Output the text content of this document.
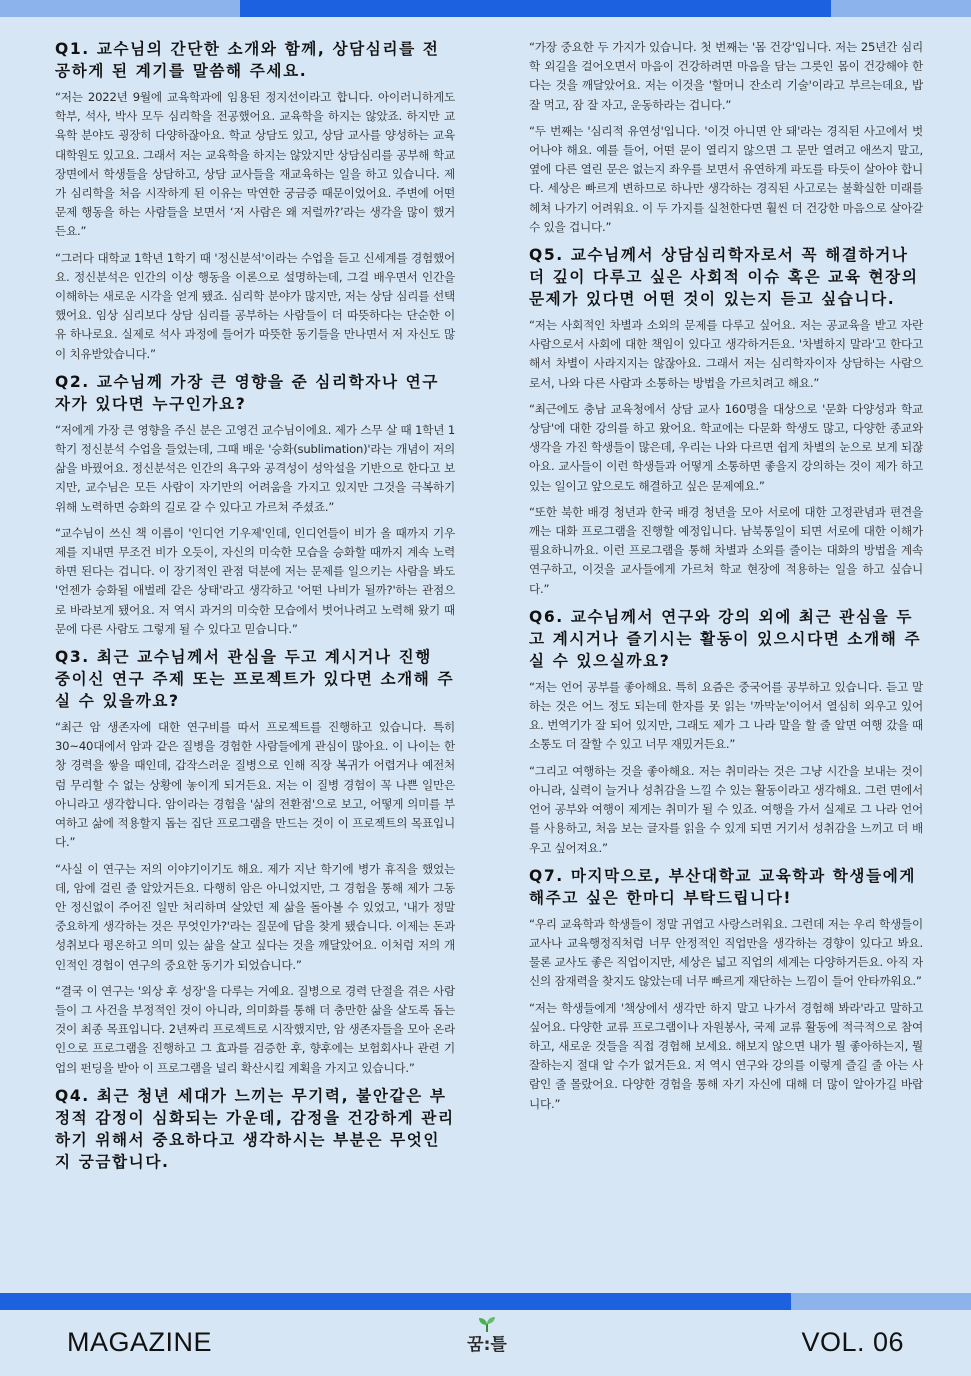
Q1. 교수님의 간단한 소개와 함께, 상담심리를 전공하게 된 계기를 말씀해 주세요.

“저는 2022년 9월에 교육학과에 임용된 정지선이라고 합니다. 아이러니하게도 학부, 석사, 박사 모두 심리학을 전공했어요. 교육학을 하지는 않았죠. 하지만 교육학 분야도 굉장히 다양하잖아요. 학교 상담도 있고, 상담 교사를 양성하는 교육대학원도 있고요. 그래서 저는 교육학을 하지는 않았지만 상담심리를 공부해 학교 장면에서 학생들을 상담하고, 상담 교사들을 재교육하는 일을 하고 있습니다. 제가 심리학을 처음 시작하게 된 이유는 막연한 궁금증 때문이었어요. 주변에 어떤 문제 행동을 하는 사람들을 보면서 ‘저 사람은 왜 저럴까?’라는 생각을 많이 했거든요.”

“그러다 대학교 1학년 1학기 때 '정신분석'이라는 수업을 듣고 신세계를 경험했어요. 정신분석은 인간의 이상 행동을 이론으로 설명하는데, 그걸 배우면서 인간을 이해하는 새로운 시각을 얻게 됐죠. 심리학 분야가 많지만, 저는 상담 심리를 선택했어요. 임상 심리보다 상담 심리를 공부하는 사람들이 더 따뜻하다는 단순한 이유 하나로요. 실제로 석사 과정에 들어가 따뜻한 동기들을 만나면서 저 자신도 많이 치유받았습니다.”

Q2. 교수님께 가장 큰 영향을 준 심리학자나 연구자가 있다면 누구인가요?

“저에게 가장 큰 영향을 주신 분은 고영건 교수님이에요. 제가 스무 살 때 1학년 1학기 정신분석 수업을 들었는데, 그때 배운 '승화(sublimation)'라는 개념이 저의 삶을 바꿨어요. 정신분석은 인간의 욕구와 공격성이 성악설을 기반으로 한다고 보지만, 교수님은 모든 사람이 자기만의 어려움을 가지고 있지만 그것을 극복하기 위해 노력하면 승화의 길로 갈 수 있다고 가르쳐 주셨죠.”

“교수님이 쓰신 책 이름이 '인디언 기우제'인데, 인디언들이 비가 올 때까지 기우제를 지내면 무조건 비가 오듯이, 자신의 미숙한 모습을 승화할 때까지 계속 노력하면 된다는 겁니다. 이 장기적인 관점 덕분에 저는 문제를 일으키는 사람을 봐도 '언젠가 승화될 애벌레 같은 상태'라고 생각하고 '어떤 나비가 될까?'하는 관점으로 바라보게 됐어요. 저 역시 과거의 미숙한 모습에서 벗어나려고 노력해 왔기 때문에 다른 사람도 그렇게 될 수 있다고 믿습니다.”

Q3. 최근 교수님께서 관심을 두고 계시거나 진행 중이신 연구 주제 또는 프로젝트가 있다면 소개해 주실 수 있을까요?

“최근 암 생존자에 대한 연구비를 따서 프로젝트를 진행하고 있습니다. 특히 30~40대에서 암과 같은 질병을 경험한 사람들에게 관심이 많아요. 이 나이는 한창 경력을 쌓을 때인데, 갑작스러운 질병으로 인해 직장 복귀가 어렵거나 예전처럼 무리할 수 없는 상황에 놓이게 되거든요. 저는 이 질병 경험이 꼭 나쁜 일만은 아니라고 생각합니다. 암이라는 경험을 '삶의 전환점'으로 보고, 어떻게 의미를 부여하고 삶에 적용할지 돕는 집단 프로그램을 만드는 것이 이 프로젝트의 목표입니다.”

“사실 이 연구는 저의 이야기이기도 해요. 제가 지난 학기에 병가 휴직을 했었는데, 암에 걸린 줄 알았거든요. 다행히 암은 아니었지만, 그 경험을 통해 제가 그동안 정신없이 주어진 일만 처리하며 살았던 제 삶을 돌아볼 수 있었고, '내가 정말 중요하게 생각하는 것은 무엇인가?'라는 질문에 답을 찾게 됐습니다. 이제는 돈과 성취보다 평온하고 의미 있는 삶을 살고 싶다는 것을 깨달았어요. 이처럼 저의 개인적인 경험이 연구의 중요한 동기가 되었습니다.”

“결국 이 연구는 '외상 후 성장'을 다루는 거예요. 질병으로 경력 단절을 겪은 사람들이 그 사건을 부정적인 것이 아니라, 의미화를 통해 더 충만한 삶을 살도록 돕는 것이 최종 목표입니다. 2년짜리 프로젝트로 시작했지만, 암 생존자들을 모아 온라인으로 프로그램을 진행하고 그 효과를 검증한 후, 향후에는 보험회사나 관련 기업의 펀딩을 받아 이 프로그램을 널리 확산시킬 계획을 가지고 있습니다.”

Q4. 최근 청년 세대가 느끼는 무기력, 불안같은 부정적 감정이 심화되는 가운데, 감정을 건강하게 관리하기 위해서 중요하다고 생각하시는 부분은 무엇인지 궁금합니다.

“가장 중요한 두 가지가 있습니다. 첫 번째는 '몸 건강'입니다. 저는 25년간 심리학 외길을 걸어오면서 마음이 건강하려면 마음을 담는 그릇인 몸이 건강해야 한다는 것을 깨달았어요. 저는 이것을 '할머니 잔소리 기술'이라고 부르는데요, 밥 잘 먹고, 잠 잘 자고, 운동하라는 겁니다.”

“두 번째는 '심리적 유연성'입니다. '이것 아니면 안 돼'라는 경직된 사고에서 벗어나야 해요. 예를 들어, 어떤 문이 열리지 않으면 그 문만 열려고 애쓰지 말고, 옆에 다른 열린 문은 없는지 좌우를 보면서 유연하게 파도를 타듯이 살아야 합니다. 세상은 빠르게 변하므로 하나만 생각하는 경직된 사고로는 불확실한 미래를 헤쳐 나가기 어려워요. 이 두 가지를 실천한다면 훨씬 더 건강한 마음으로 살아갈 수 있을 겁니다.”

Q5. 교수님께서 상담심리학자로서 꼭 해결하거나 더 깊이 다루고 싶은 사회적 이슈 혹은 교육 현장의 문제가 있다면 어떤 것이 있는지 듣고 싶습니다.

“저는 사회적인 차별과 소외의 문제를 다루고 싶어요. 저는 공교육을 받고 자란 사람으로서 사회에 대한 책임이 있다고 생각하거든요. '차별하지 말라'고 한다고 해서 차별이 사라지지는 않잖아요. 그래서 저는 심리학자이자 상담하는 사람으로서, 나와 다른 사람과 소통하는 방법을 가르치려고 해요.”

“최근에도 충남 교육청에서 상담 교사 160명을 대상으로 '문화 다양성과 학교 상담'에 대한 강의를 하고 왔어요. 학교에는 다문화 학생도 많고, 다양한 종교와 생각을 가진 학생들이 많은데, 우리는 나와 다르면 쉽게 차별의 눈으로 보게 되잖아요. 교사들이 이런 학생들과 어떻게 소통하면 좋을지 강의하는 것이 제가 하고 있는 일이고 앞으로도 해결하고 싶은 문제예요.”

“또한 북한 배경 청년과 한국 배경 청년을 모아 서로에 대한 고정관념과 편견을 깨는 대화 프로그램을 진행할 예정입니다. 남북통일이 되면 서로에 대한 이해가 필요하니까요. 이런 프로그램을 통해 차별과 소외를 줄이는 대화의 방법을 계속 연구하고, 이것을 교사들에게 가르쳐 학교 현장에 적용하는 일을 하고 싶습니다.”

Q6. 교수님께서 연구와 강의 외에 최근 관심을 두고 계시거나 즐기시는 활동이 있으시다면 소개해 주실 수 있으실까요?

“저는 언어 공부를 좋아해요. 특히 요즘은 중국어를 공부하고 있습니다. 듣고 말하는 것은 어느 정도 되는데 한자를 못 읽는 '까막눈'이어서 열심히 외우고 있어요. 번역기가 잘 되어 있지만, 그래도 제가 그 나라 말을 할 줄 알면 여행 갔을 때 소통도 더 잘할 수 있고 너무 재밌거든요.”

“그리고 여행하는 것을 좋아해요. 저는 취미라는 것은 그냥 시간을 보내는 것이 아니라, 실력이 늘거나 성취감을 느낄 수 있는 활동이라고 생각해요. 그런 면에서 언어 공부와 여행이 제게는 취미가 될 수 있죠. 여행을 가서 실제로 그 나라 언어를 사용하고, 처음 보는 글자를 읽을 수 있게 되면 거기서 성취감을 느끼고 더 배우고 싶어져요.”

Q7. 마지막으로, 부산대학교 교육학과 학생들에게 해주고 싶은 한마디 부탁드립니다!

“우리 교육학과 학생들이 정말 귀엽고 사랑스러워요. 그런데 저는 우리 학생들이 교사나 교육행정직처럼 너무 안정적인 직업만을 생각하는 경향이 있다고 봐요. 물론 교사도 좋은 직업이지만, 세상은 넓고 직업의 세계는 다양하거든요. 아직 자신의 잠재력을 찾지도 않았는데 너무 빠르게 재단하는 느낌이 들어 안타까워요.”

“저는 학생들에게 '책상에서 생각만 하지 말고 나가서 경험해 봐라'라고 말하고 싶어요. 다양한 교류 프로그램이나 자원봉사, 국제 교류 활동에 적극적으로 참여하고, 새로운 것들을 직접 경험해 보세요. 해보지 않으면 내가 뭘 좋아하는지, 뭘 잘하는지 절대 알 수가 없거든요. 저 역시 연구와 강의를 이렇게 즐길 줄 아는 사람인 줄 몰랐어요. 다양한 경험을 통해 자기 자신에 대해 더 많이 알아가길 바랍니다.”

MAGAZINE	꿈:틀	VOL. 06
